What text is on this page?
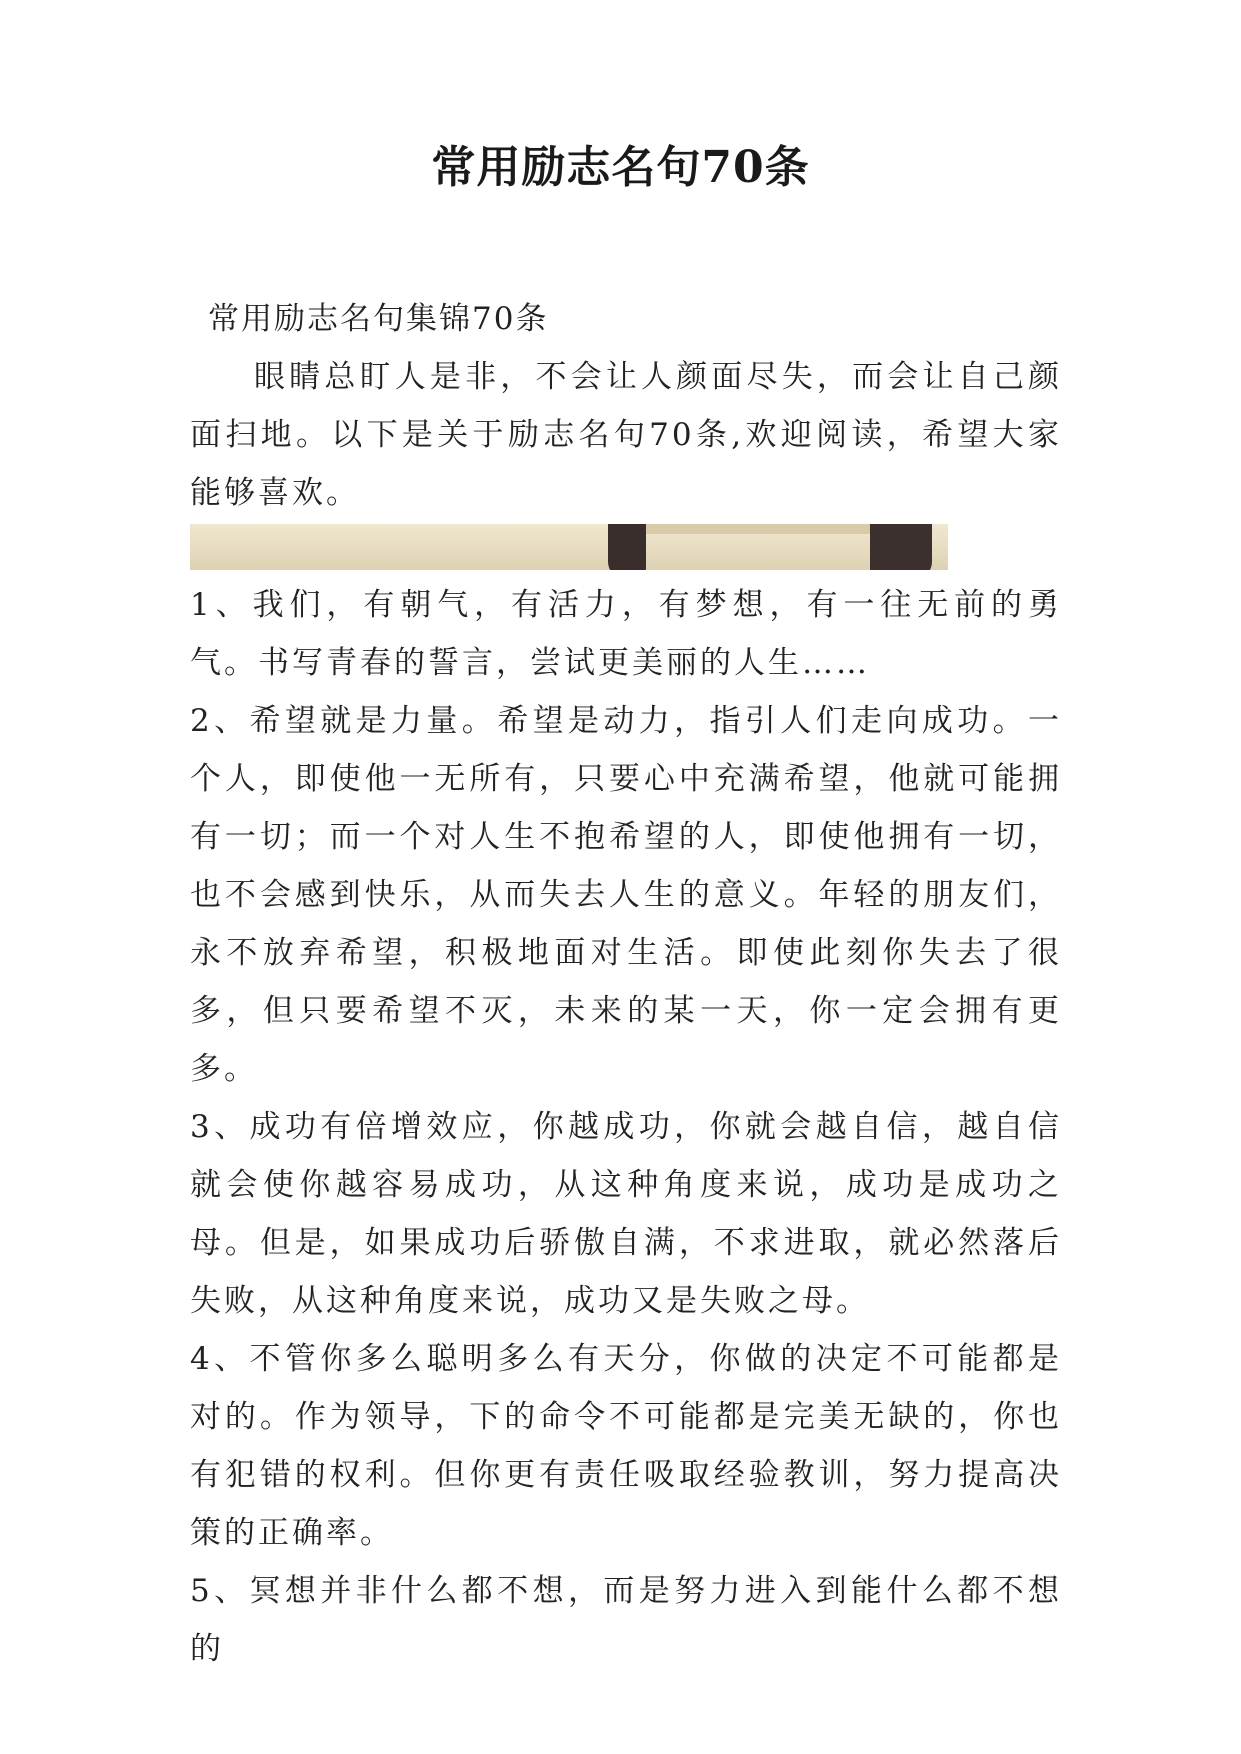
常用励志名句70条

常用励志名句集锦70条

眼睛总盯人是非，不会让人颜面尽失，而会让自己颜面扫地。以下是关于励志名句70条,欢迎阅读，希望大家能够喜欢。

1、我们，有朝气，有活力，有梦想，有一往无前的勇气。书写青春的誓言，尝试更美丽的人生……

2、希望就是力量。希望是动力，指引人们走向成功。一个人，即使他一无所有，只要心中充满希望，他就可能拥有一切；而一个对人生不抱希望的人，即使他拥有一切，也不会感到快乐，从而失去人生的意义。年轻的朋友们，永不放弃希望，积极地面对生活。即使此刻你失去了很多，但只要希望不灭，未来的某一天，你一定会拥有更多。

3、成功有倍增效应，你越成功，你就会越自信，越自信就会使你越容易成功，从这种角度来说，成功是成功之母。但是，如果成功后骄傲自满，不求进取，就必然落后失败，从这种角度来说，成功又是失败之母。

4、不管你多么聪明多么有天分，你做的决定不可能都是对的。作为领导，下的命令不可能都是完美无缺的，你也有犯错的权利。但你更有责任吸取经验教训，努力提高决策的正确率。

5、冥想并非什么都不想，而是努力进入到能什么都不想的
